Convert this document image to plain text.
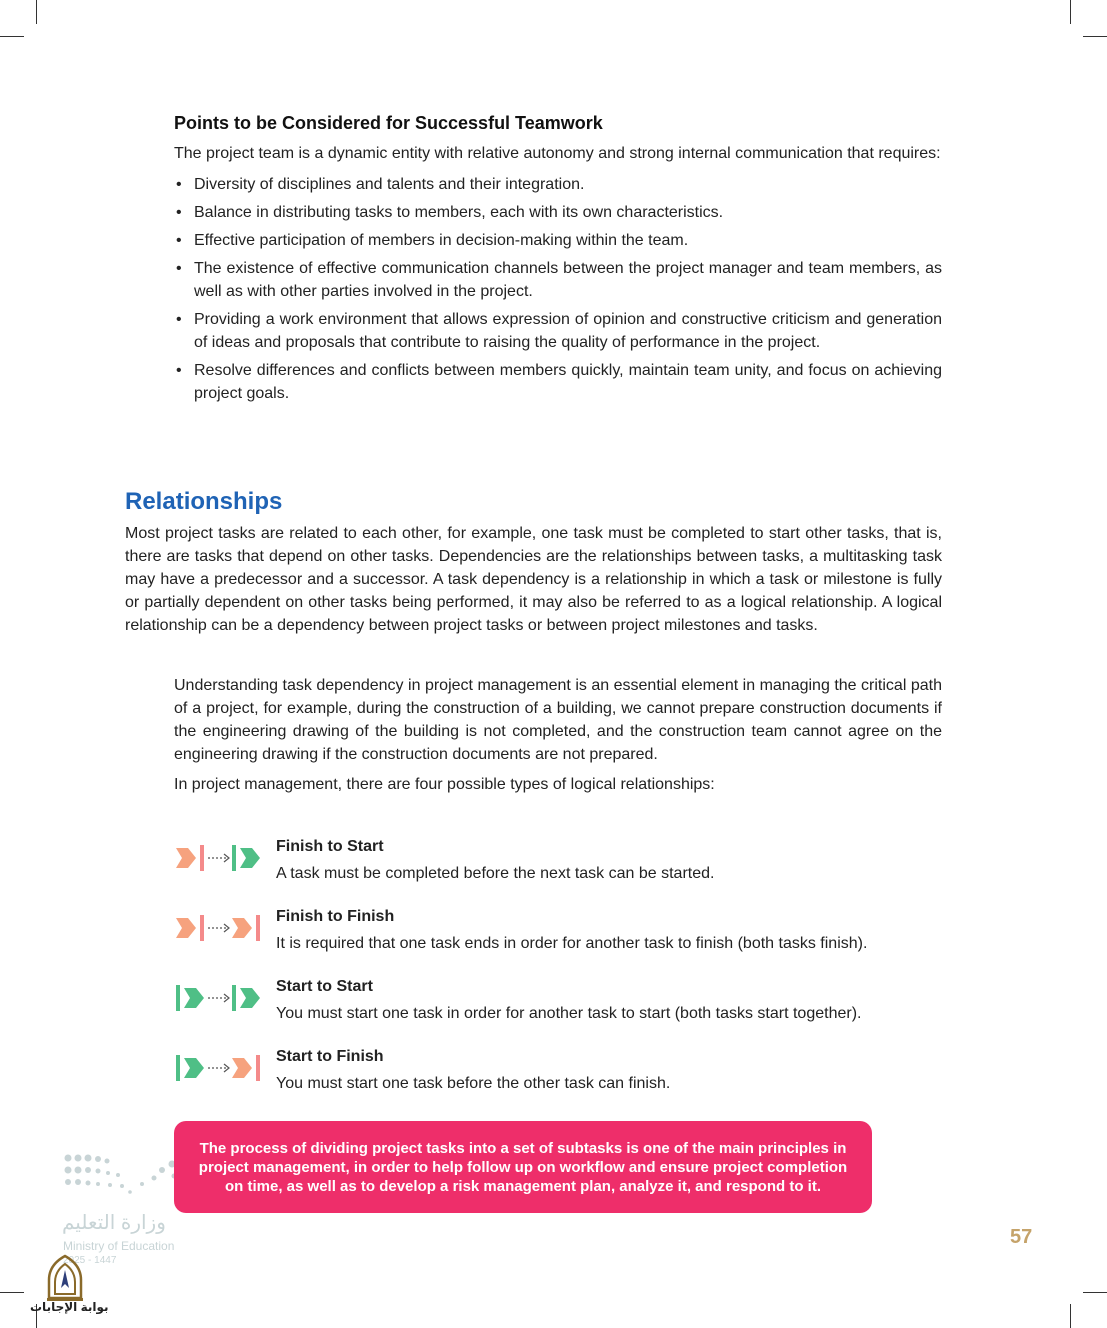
Points to be Considered for Successful Teamwork

The project team is a dynamic entity with relative autonomy and strong internal communication that requires:

• Diversity of disciplines and talents and their integration.
• Balance in distributing tasks to members, each with its own characteristics.
• Effective participation of members in decision-making within the team.
• The existence of effective communication channels between the project manager and team members, as well as with other parties involved in the project.
• Providing a work environment that allows expression of opinion and constructive criticism and generation of ideas and proposals that contribute to raising the quality of performance in the project.
• Resolve differences and conflicts between members quickly, maintain team unity, and focus on achieving project goals.
Relationships

Most project tasks are related to each other, for example, one task must be completed to start other tasks, that is, there are tasks that depend on other tasks. Dependencies are the relationships between tasks, a multitasking task may have a predecessor and a successor. A task dependency is a relationship in which a task or milestone is fully or partially dependent on other tasks being performed, it may also be referred to as a logical relationship. A logical relationship can be a dependency between project tasks or between project milestones and tasks.

Understanding task dependency in project management is an essential element in managing the critical path of a project, for example, during the construction of a building, we cannot prepare construction documents if the engineering drawing of the building is not completed, and the construction team cannot agree on the engineering drawing if the construction documents are not prepared.

In project management, there are four possible types of logical relationships:

Finish to Start
A task must be completed before the next task can be started.
Finish to Finish
It is required that one task ends in order for another task to finish (both tasks finish).
Start to Start
You must start one task in order for another task to start (both tasks start together).
Start to Finish
You must start one task before the other task can finish.
The process of dividing project tasks into a set of subtasks is one of the main principles in project management, in order to help follow up on workflow and ensure project completion on time, as well as to develop a risk management plan, analyze it, and respond to it.
وزارة التعليم
Ministry of Education
2025 - 1447
بوابة الإجابات
57
